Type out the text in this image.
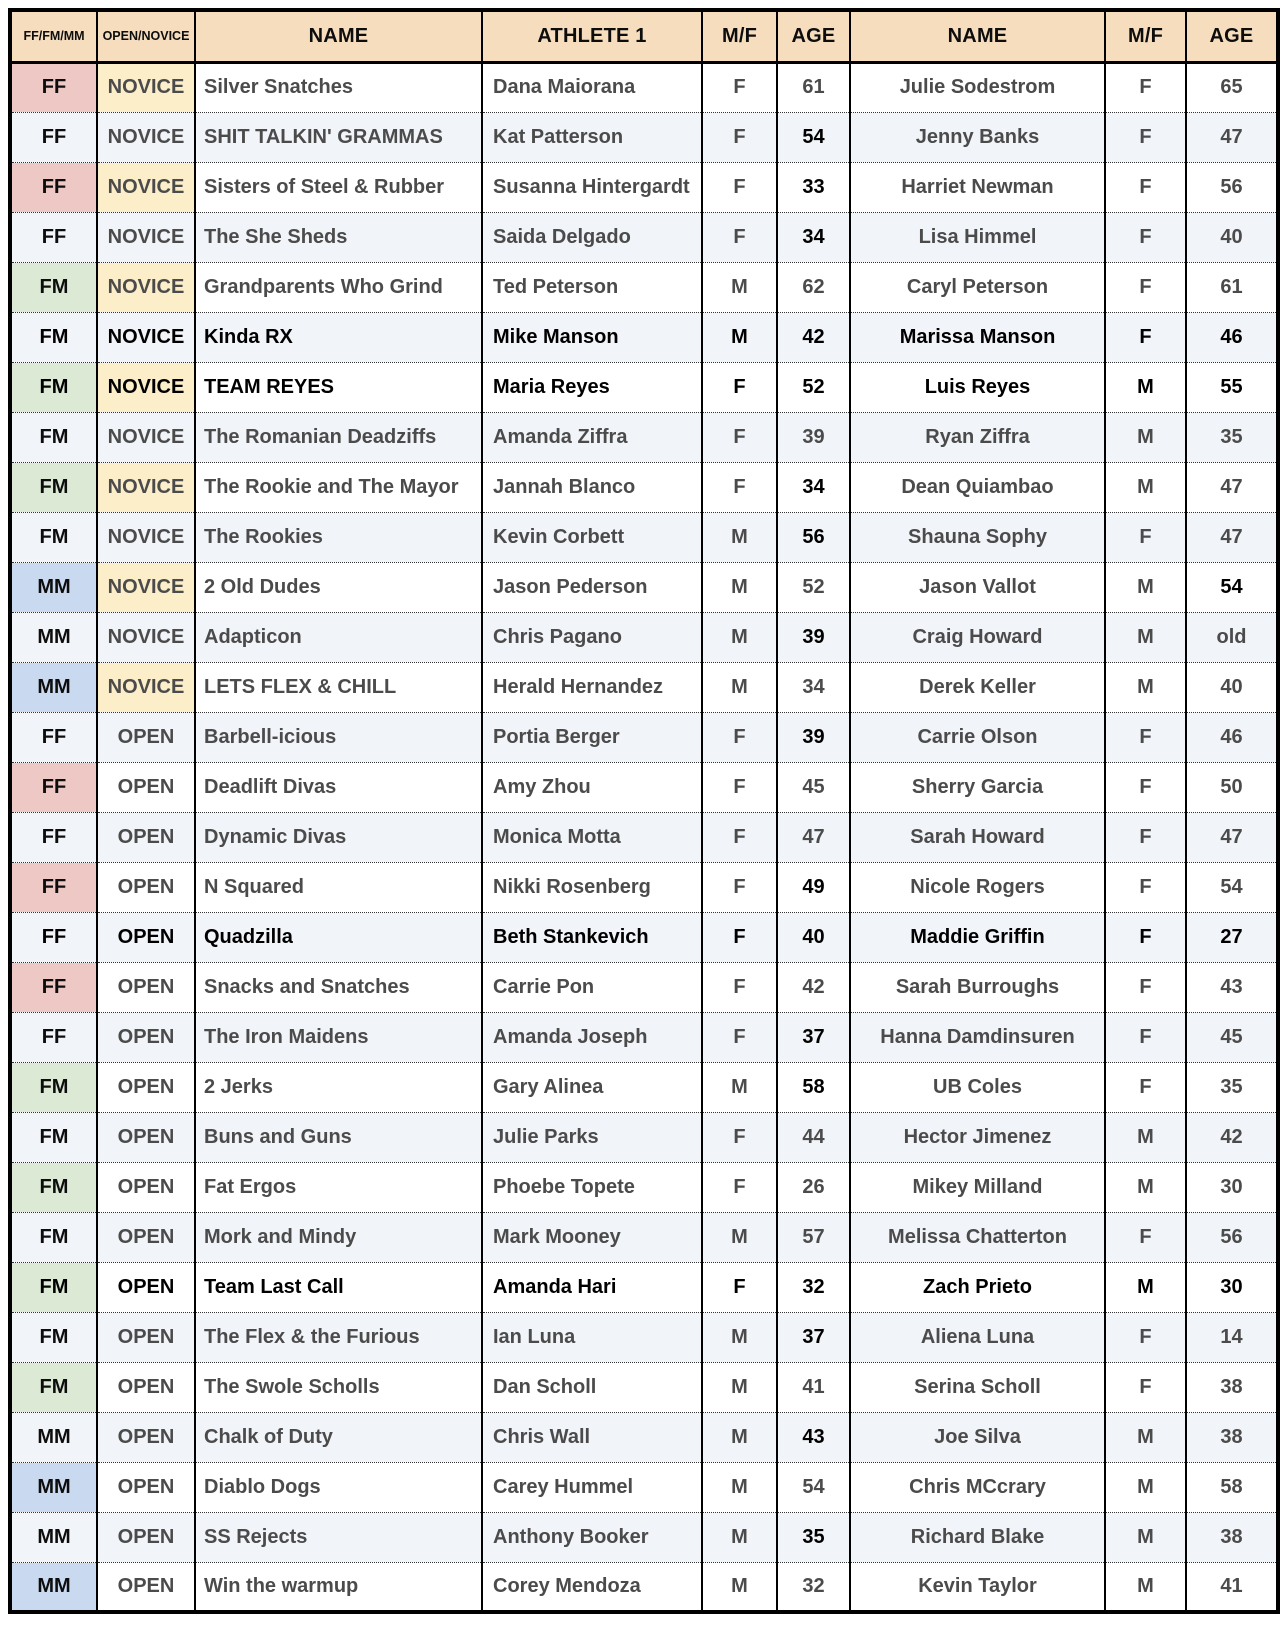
FF/FM/MM	OPEN/NOVICE	NAME	ATHLETE 1	M/F	AGE	NAME	M/F	AGE
FF	NOVICE	Silver Snatches	Dana Maiorana	F	61	Julie Sodestrom	F	65
FF	NOVICE	SHIT TALKIN' GRAMMAS	Kat Patterson	F	54	Jenny Banks	F	47
FF	NOVICE	Sisters of Steel & Rubber	Susanna Hintergardt	F	33	Harriet Newman	F	56
FF	NOVICE	The She Sheds	Saida Delgado	F	34	Lisa Himmel	F	40
FM	NOVICE	Grandparents Who Grind	Ted Peterson	M	62	Caryl Peterson	F	61
FM	NOVICE	Kinda RX	Mike Manson	M	42	Marissa Manson	F	46
FM	NOVICE	TEAM REYES	Maria Reyes	F	52	Luis Reyes	M	55
FM	NOVICE	The Romanian Deadziffs	Amanda Ziffra	F	39	Ryan Ziffra	M	35
FM	NOVICE	The Rookie and The Mayor	Jannah Blanco	F	34	Dean Quiambao	M	47
FM	NOVICE	The Rookies	Kevin Corbett	M	56	Shauna Sophy	F	47
MM	NOVICE	2 Old Dudes	Jason Pederson	M	52	Jason Vallot	M	54
MM	NOVICE	Adapticon	Chris Pagano	M	39	Craig Howard	M	old
MM	NOVICE	LETS FLEX & CHILL	Herald Hernandez	M	34	Derek Keller	M	40
FF	OPEN	Barbell-icious	Portia Berger	F	39	Carrie Olson	F	46
FF	OPEN	Deadlift Divas	Amy Zhou	F	45	Sherry Garcia	F	50
FF	OPEN	Dynamic Divas	Monica Motta	F	47	Sarah Howard	F	47
FF	OPEN	N Squared	Nikki Rosenberg	F	49	Nicole Rogers	F	54
FF	OPEN	Quadzilla	Beth Stankevich	F	40	Maddie Griffin	F	27
FF	OPEN	Snacks and Snatches	Carrie Pon	F	42	Sarah Burroughs	F	43
FF	OPEN	The Iron Maidens	Amanda Joseph	F	37	Hanna Damdinsuren	F	45
FM	OPEN	2 Jerks	Gary Alinea	M	58	UB Coles	F	35
FM	OPEN	Buns and Guns	Julie Parks	F	44	Hector Jimenez	M	42
FM	OPEN	Fat Ergos	Phoebe Topete	F	26	Mikey Milland	M	30
FM	OPEN	Mork and Mindy	Mark Mooney	M	57	Melissa Chatterton	F	56
FM	OPEN	Team Last Call	Amanda Hari	F	32	Zach Prieto	M	30
FM	OPEN	The Flex & the Furious	Ian Luna	M	37	Aliena Luna	F	14
FM	OPEN	The Swole Scholls	Dan Scholl	M	41	Serina Scholl	F	38
MM	OPEN	Chalk of Duty	Chris Wall	M	43	Joe Silva	M	38
MM	OPEN	Diablo Dogs	Carey Hummel	M	54	Chris MCcrary	M	58
MM	OPEN	SS Rejects	Anthony Booker	M	35	Richard Blake	M	38
MM	OPEN	Win the warmup	Corey Mendoza	M	32	Kevin Taylor	M	41
